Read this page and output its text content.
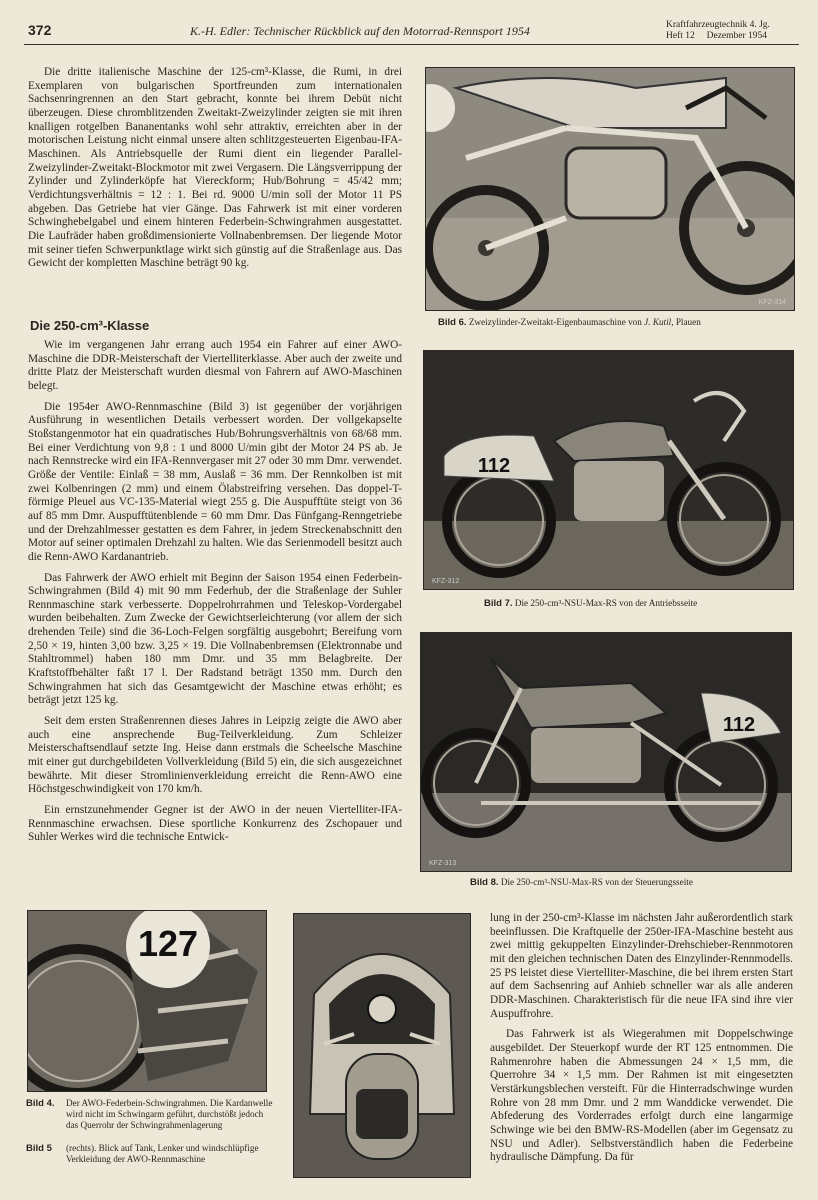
372	K.-H. Edler: Technischer Rückblick auf den Motorrad-Rennsport 1954	Kraftfahrzeugtechnik 4. Jg.
Heft 12     Dezember 1954

Die dritte italienische Maschine der 125-cm³-Klasse, die Rumi, in drei Exemplaren von bulgarischen Sportfreunden zum internationalen Sachsenringrennen an den Start gebracht, konnte bei ihrem Debüt nicht überzeugen. Diese chromblitzenden Zweitakt-Zweizylinder zeigten sie mit ihren knalligen rotgelben Bananentanks wohl sehr attraktiv, erreichten aber in der motorischen Leistung nicht einmal unsere alten schlitzgesteuerten Eigenbau-IFA-Maschinen. Als Antriebsquelle der Rumi dient ein liegender Parallel-Zweizylinder-Zweitakt-Blockmotor mit zwei Vergasern. Die Längsverrippung der Zylinder und Zylinderköpfe hat Viereckform; Hub/Bohrung = 45/42 mm; Verdichtungsverhältnis = 12 : 1. Bei rd. 9000 U/min soll der Motor 11 PS abgeben. Das Getriebe hat vier Gänge. Das Fahrwerk ist mit einer vorderen Schwinghebelgabel und einem hinteren Federbein-Schwingrahmen ausgestattet. Die Laufräder haben großdimensionierte Vollnabenbremsen. Der liegende Motor mit seiner tiefen Schwerpunktlage wirkt sich günstig auf die Straßenlage aus. Das Gewicht der kompletten Maschine beträgt 90 kg.

Die 250-cm³-Klasse

Wie im vergangenen Jahr errang auch 1954 ein Fahrer auf einer AWO-Maschine die DDR-Meisterschaft der Viertelliterklasse. Aber auch der zweite und dritte Platz der Meisterschaft wurden diesmal von Fahrern auf AWO-Maschinen belegt.

Die 1954er AWO-Rennmaschine (Bild 3) ist gegenüber der vorjährigen Ausführung in wesentlichen Details verbessert worden. Der vollgekapselte Stoßstangenmotor hat ein quadratisches Hub/Bohrungsverhältnis von 68/68 mm. Bei einer Verdichtung von 9,8 : 1 und 8000 U/min gibt der Motor 24 PS ab. Je nach Rennstrecke wird ein IFA-Rennvergaser mit 27 oder 30 mm Dmr. verwendet. Größe der Ventile: Einlaß = 38 mm, Auslaß = 36 mm. Der Rennkolben ist mit zwei Kolbenringen (2 mm) und einem Ölabstreifring versehen. Das doppel-T-förmige Pleuel aus VC-135-Material wiegt 255 g. Die Auspufftüte steigt von 36 auf 85 mm Dmr. Auspufftütenblende = 60 mm Dmr. Das Fünfgang-Renngetriebe und der Drehzahlmesser gestatten es dem Fahrer, in jedem Streckenabschnitt den Motor auf seiner optimalen Drehzahl zu halten. Wie das Serienmodell besitzt auch die Renn-AWO Kardanantrieb.

Das Fahrwerk der AWO erhielt mit Beginn der Saison 1954 einen Federbein-Schwingrahmen (Bild 4) mit 90 mm Federhub, der die Straßenlage der Suhler Rennmaschine stark verbesserte. Doppelrohrrahmen und Teleskop-Vordergabel wurden beibehalten. Zum Zwecke der Gewichtserleichterung (vor allem der sich drehenden Teile) sind die 36-Loch-Felgen sorgfältig ausgebohrt; Bereifung vorn 2,50 × 19, hinten 3,00 bzw. 3,25 × 19. Die Vollnabenbremsen (Elektronnabe und Stahltrommel) haben 180 mm Dmr. und 35 mm Belagbreite. Der Kraftstoffbehälter faßt 17 l. Der Radstand beträgt 1350 mm. Durch den Schwingrahmen hat sich das Gesamtgewicht der Maschine etwas erhöht; es beträgt jetzt 125 kg.

Seit dem ersten Straßenrennen dieses Jahres in Leipzig zeigte die AWO aber auch eine ansprechende Bug-Teilverkleidung. Zum Schleizer Meisterschaftsendlauf setzte Ing. Heise dann erstmals die Scheelsche Maschine mit einer gut durchgebildeten Vollverkleidung (Bild 5) ein, die sich ausgezeichnet bewährte. Mit dieser Stromlinienverkleidung erreicht die Renn-AWO eine Höchstgeschwindigkeit von 170 km/h.

Ein ernstzunehmender Gegner ist der AWO in der neuen Viertelliter-IFA-Rennmaschine erwachsen. Diese sportliche Konkurrenz des Zschopauer und Suhler Werkes wird die technische Entwick-

KFZ-314
Bild 6. Zweizylinder-Zweitakt-Eigenbaumaschine von J. Kutil, Plauen
112
KFZ-312
Bild 7. Die 250-cm³-NSU-Max-RS von der Antriebsseite
112
KFZ-313
Bild 8. Die 250-cm³-NSU-Max-RS von der Steuerungsseite
127
Bild 4.	Der AWO-Federbein-Schwingrahmen. Die Kardanwelle wird nicht im Schwingarm geführt, durchstößt jedoch das Querrohr der Schwingrahmenlagerung
Bild 5	(rechts). Blick auf Tank, Lenker und windschlüpfige Verkleidung der AWO-Rennmaschine

lung in der 250-cm³-Klasse im nächsten Jahr außerordentlich stark beeinflussen. Die Kraftquelle der 250er-IFA-Maschine besteht aus zwei mittig gekuppelten Einzylinder-Drehschieber-Rennmotoren mit den gleichen technischen Daten des Einzylinder-Rennmodells. 25 PS leistet diese Viertelliter-Maschine, die bei ihrem ersten Start auf dem Sachsenring auf Anhieb schneller war als alle anderen DDR-Maschinen. Charakteristisch für die neue IFA sind ihre vier Auspuffrohre.

Das Fahrwerk ist als Wiegerahmen mit Doppelschwinge ausgebildet. Der Steuerkopf wurde der RT 125 entnommen. Die Rahmenrohre haben die Abmessungen 24 × 1,5 mm, die Querrohre 34 × 1,5 mm. Der Rahmen ist mit eingesetzten Verstärkungsblechen versteift. Für die Hinterradschwinge wurden Rohre von 28 mm Dmr. und 2 mm Wanddicke verwendet. Die Abfederung des Vorderrades erfolgt durch eine langarmige Schwinge wie bei den BMW-RS-Modellen (aber im Gegensatz zu NSU und Adler). Selbstverständlich haben die Federbeine hydraulische Dämpfung. Da für
